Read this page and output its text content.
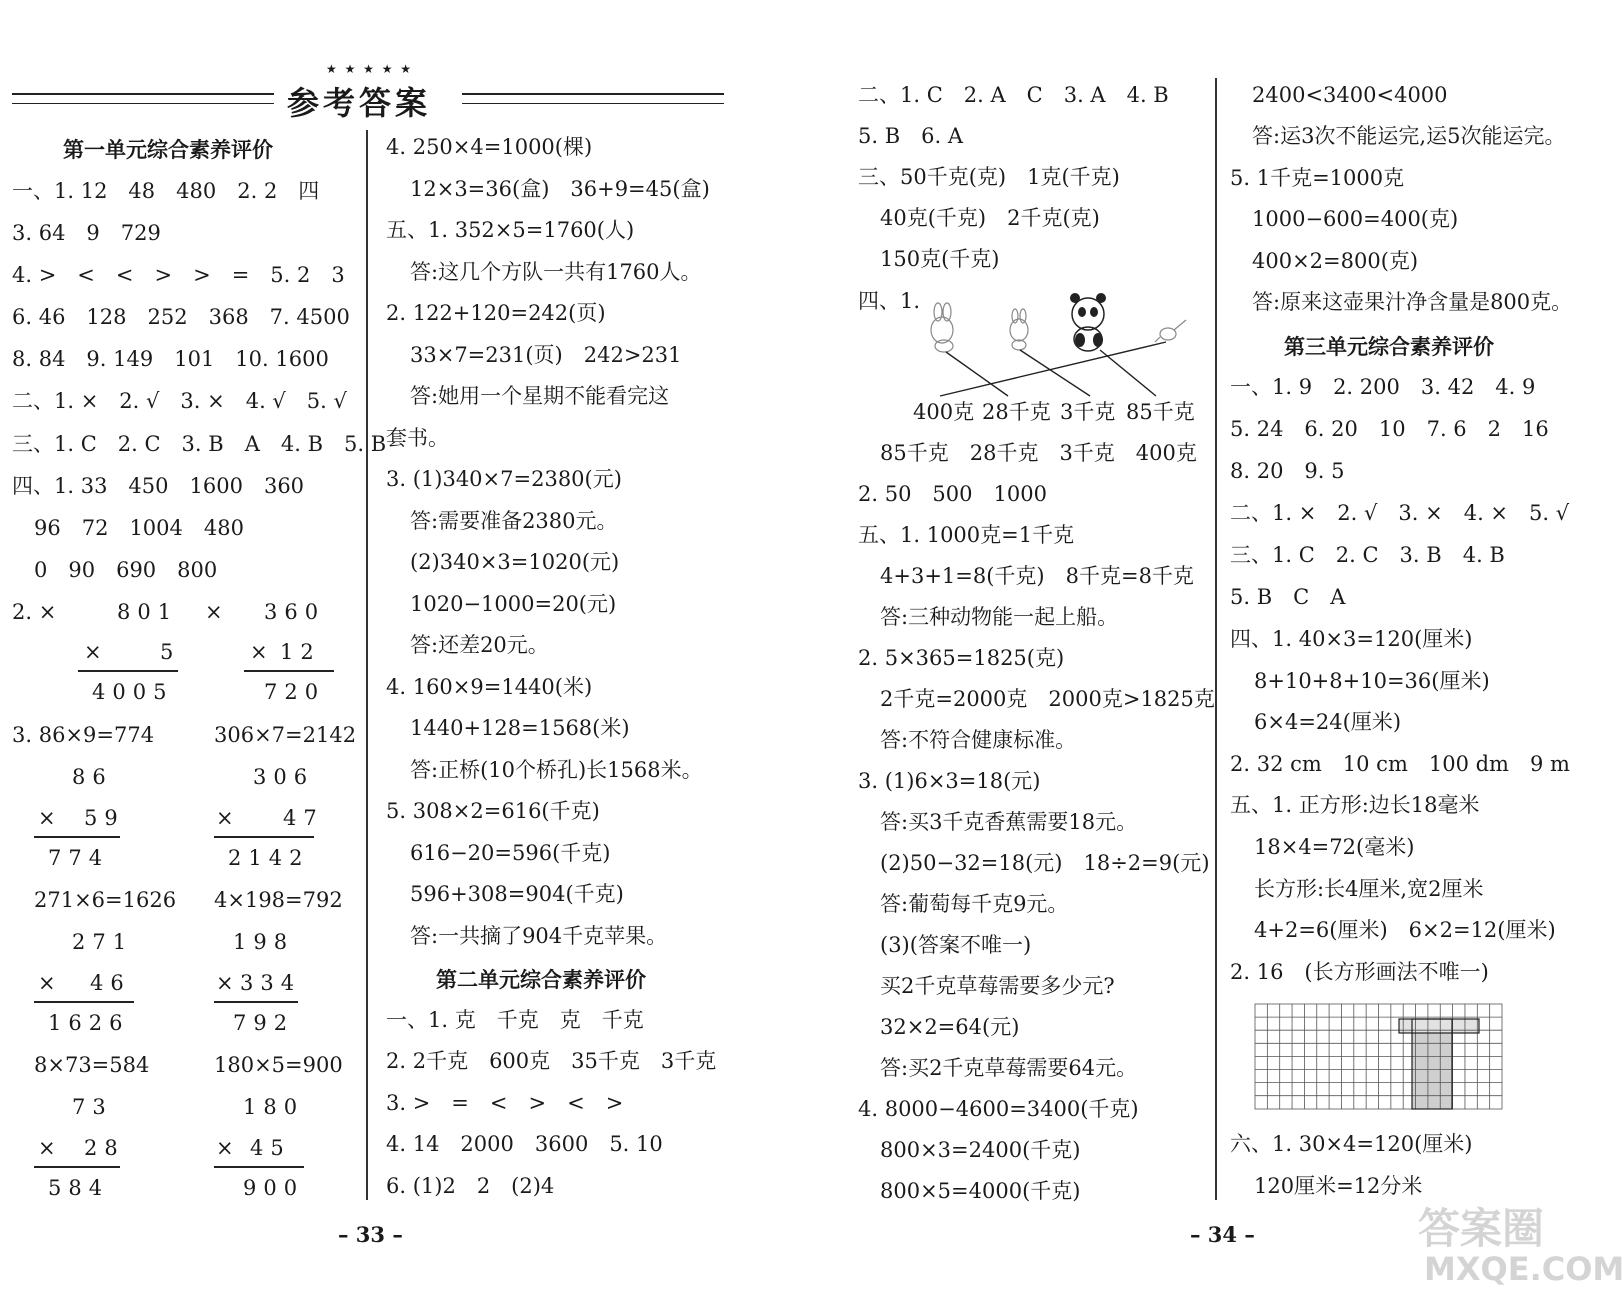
★ ★ ★ ★ ★
参考答案
第一单元综合素养评价
一、1. 12　48　480　2. 2　四
3. 64　9　729
4. >　<　<　>　>　=　5. 2　3
6. 46　128　252　368　7. 4500
8. 84　9. 149　101　10. 1600
二、1. ×　2. √　3. ×　4. √　5. √
三、1. C　2. C　3. B　A　4. B　5. B
四、1. 33　450　1600　360
96　72　1004　480
0　90　690　800
2. ×	801 × 360
×	5	× 12
4005	720
3. 86×9=774	306×7=2142
86	306
× 59	× 47
774	2142
271×6=1626 4×198=792
271	198
× 46	× 334
1626	792
8×73=584	180×5=900
73	180
× 28	× 45
584	900
4. 250×4=1000(棵)
12×3=36(盒)　36+9=45(盒)
五、1. 352×5=1760(人)
答:这几个方队一共有1760人。
2. 122+120=242(页)
33×7=231(页)　242>231
答:她用一个星期不能看完这
套书。
3. (1)340×7=2380(元)
答:需要准备2380元。
(2)340×3=1020(元)
1020−1000=20(元)
答:还差20元。
4. 160×9=1440(米)
1440+128=1568(米)
答:正桥(10个桥孔)长1568米。
5. 308×2=616(千克)
616−20=596(千克)
596+308=904(千克)
答:一共摘了904千克苹果。
第二单元综合素养评价
一、1. 克　千克　克　千克
2. 2千克　600克　35千克　3千克
3. >　=　<　>　<　>
4. 14　2000　3600　5. 10
6. (1)2　2　(2)4
– 33 –
二、1. C　2. A　C　3. A　4. B
5. B　6. A
三、50千克(克)　1克(千克)
40克(千克)　2千克(克)
150克(千克)
四、1.
400克 28千克 3千克 85千克
85千克　28千克　3千克　400克
2. 50　500　1000
五、1. 1000克=1千克
4+3+1=8(千克)　8千克=8千克
答:三种动物能一起上船。
2. 5×365=1825(克)
2千克=2000克　2000克>1825克
答:不符合健康标准。
3. (1)6×3=18(元)
答:买3千克香蕉需要18元。
(2)50−32=18(元)　18÷2=9(元)
答:葡萄每千克9元。
(3)(答案不唯一)
买2千克草莓需要多少元?
32×2=64(元)
答:买2千克草莓需要64元。
4. 8000−4600=3400(千克)
800×3=2400(千克)
800×5=4000(千克)
– 34 –
2400<3400<4000
答:运3次不能运完,运5次能运完。
5. 1千克=1000克
1000−600=400(克)
400×2=800(克)
答:原来这壶果汁净含量是800克。
第三单元综合素养评价
一、1. 9　2. 200　3. 42　4. 9
5. 24　6. 20　10　7. 6　2　16
8. 20　9. 5
二、1. ×　2. √　3. ×　4. ×　5. √
三、1. C　2. C　3. B　4. B
5. B　C　A
四、1. 40×3=120(厘米)
8+10+8+10=36(厘米)
6×4=24(厘米)
2. 32 cm　10 cm　100 dm　9 m
五、1. 正方形:边长18毫米
18×4=72(毫米)
长方形:长4厘米,宽2厘米
4+2=6(厘米)　6×2=12(厘米)
2. 16　(长方形画法不唯一)
六、1. 30×4=120(厘米)
120厘米=12分米
答案圈
MXQE.COM
